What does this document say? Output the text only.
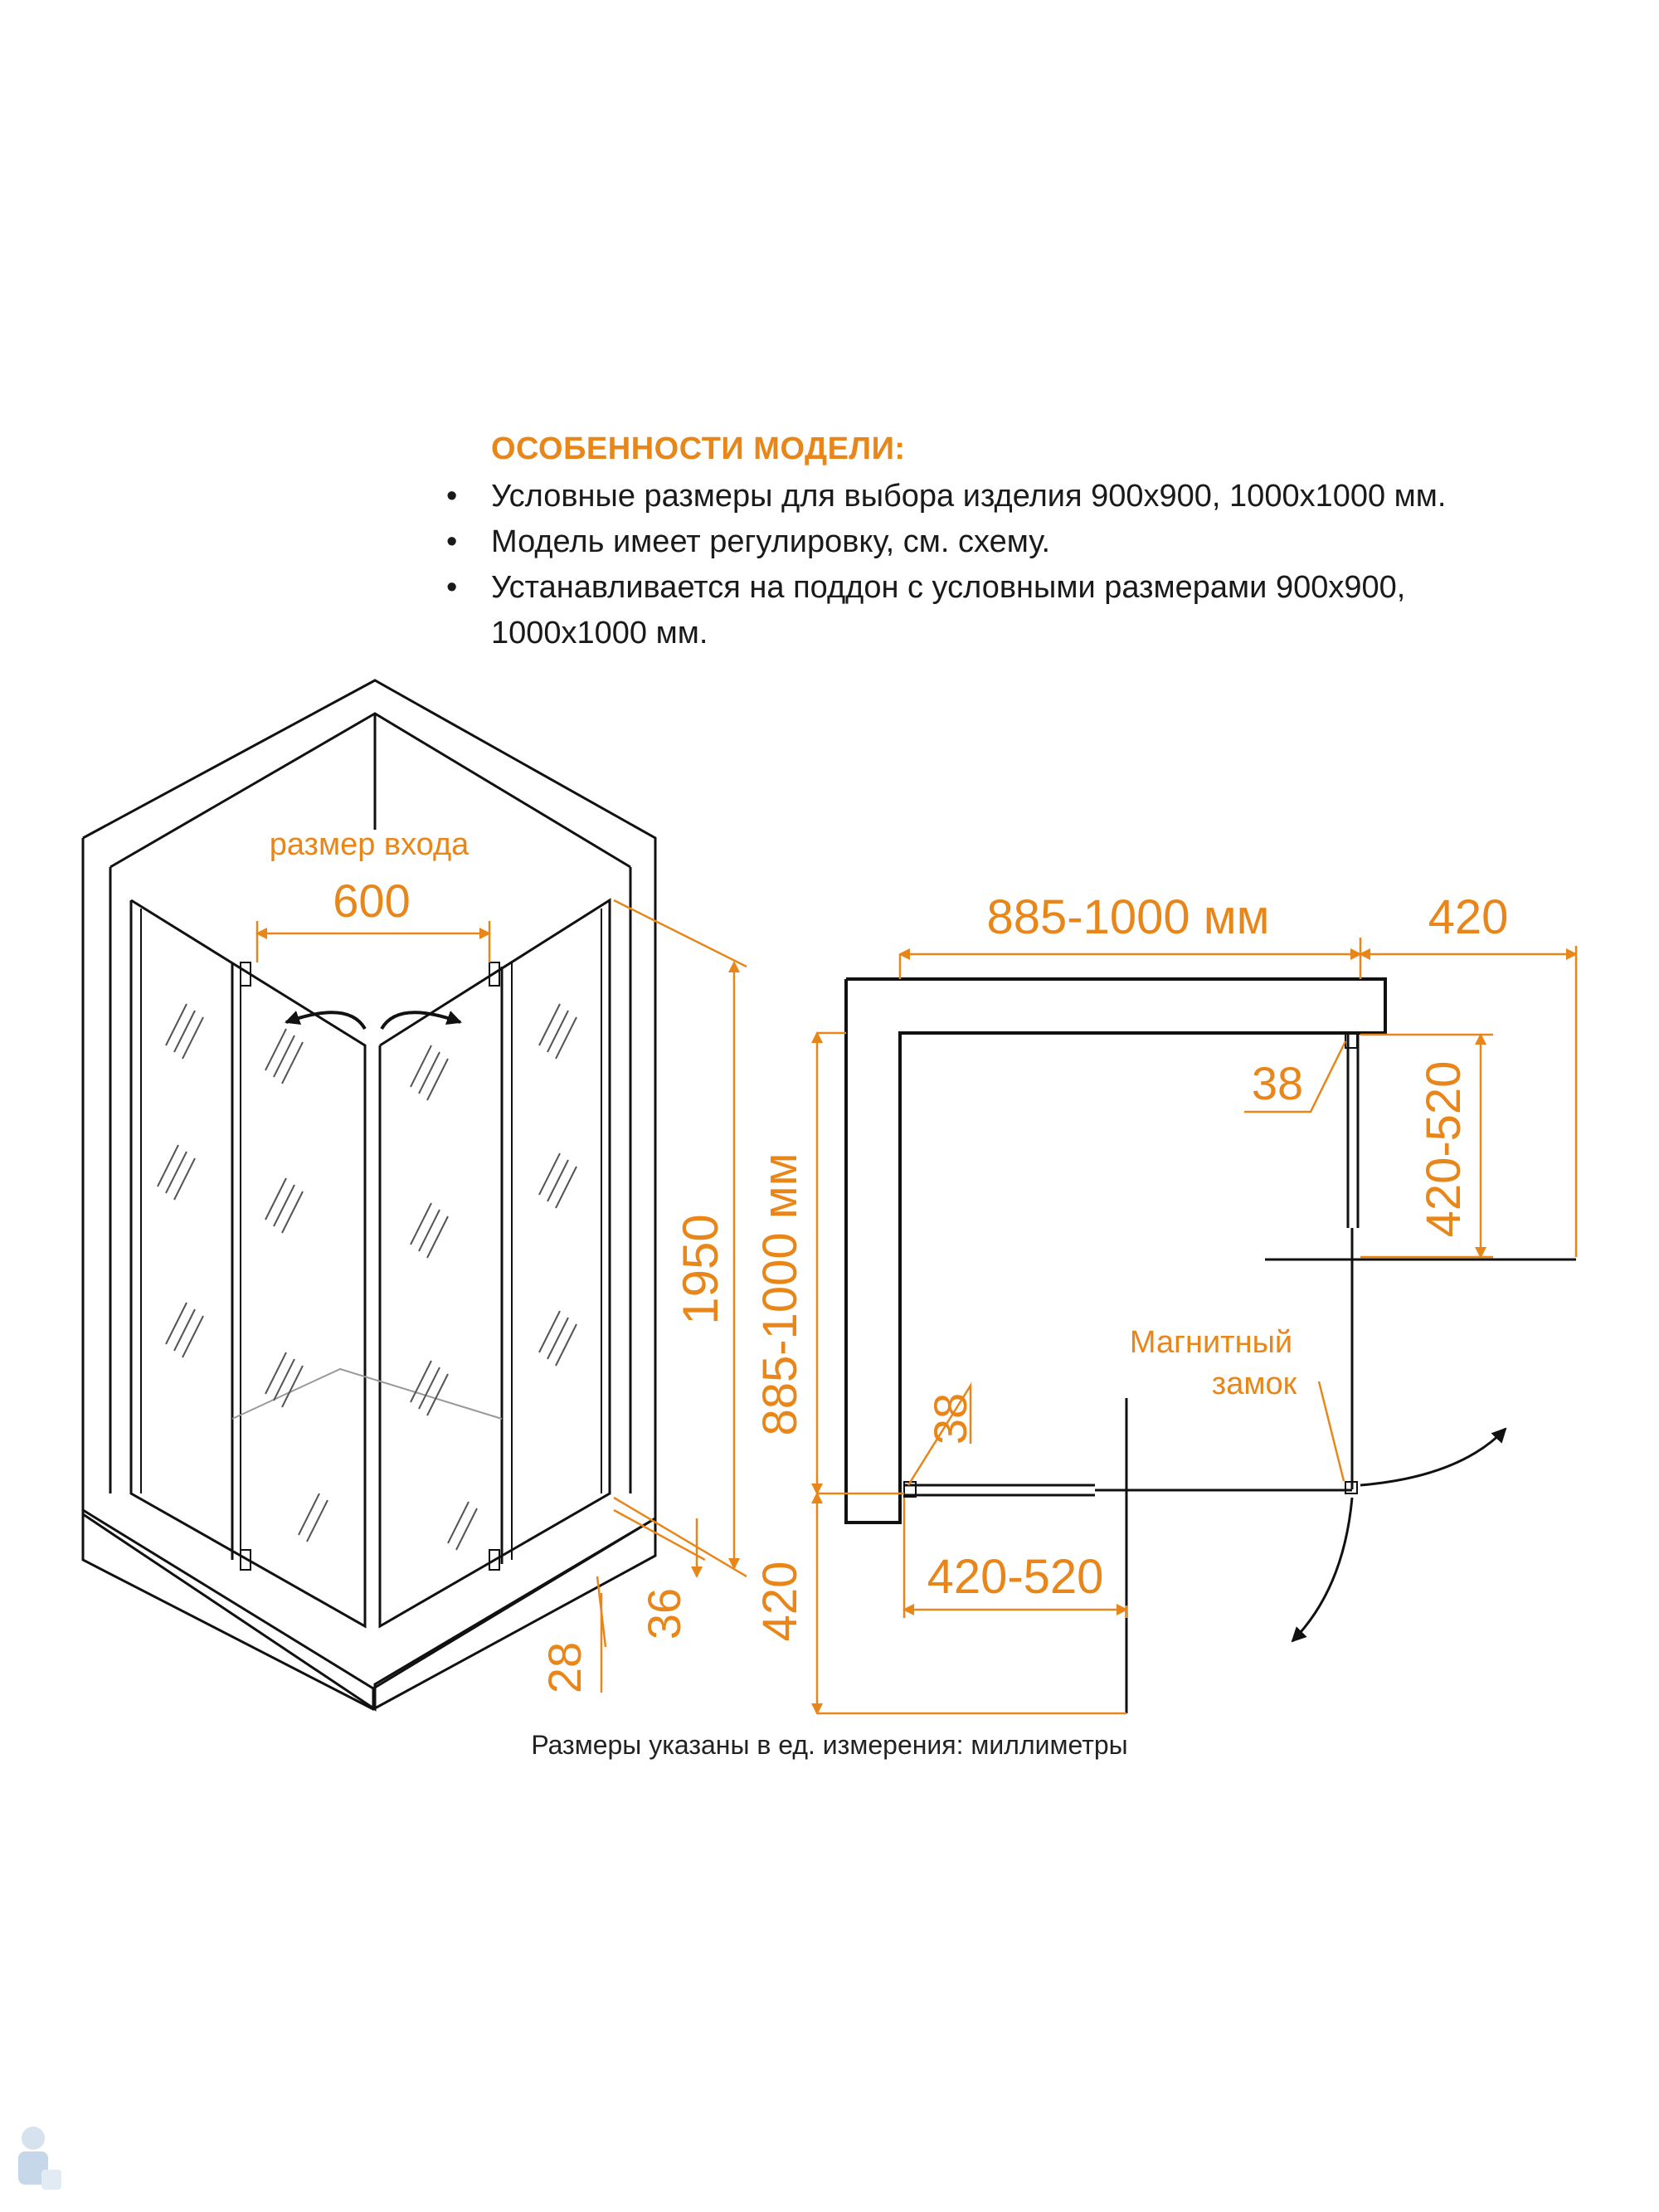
размер входа
600
1950
36
28
885-1000 мм	420
420-520
38
885-1000 мм	38
420-520
420
Магнитный
замок
ОСОБЕННОСТИ МОДЕЛИ:
• Условные размеры для выбора изделия 900x900, 1000x1000 мм.
• Модель имеет регулировку, см. схему.
• Устанавливается на поддон с условными размерами 900x900, 1000x1000 мм.
Размеры указаны в ед. измерения: миллиметры
